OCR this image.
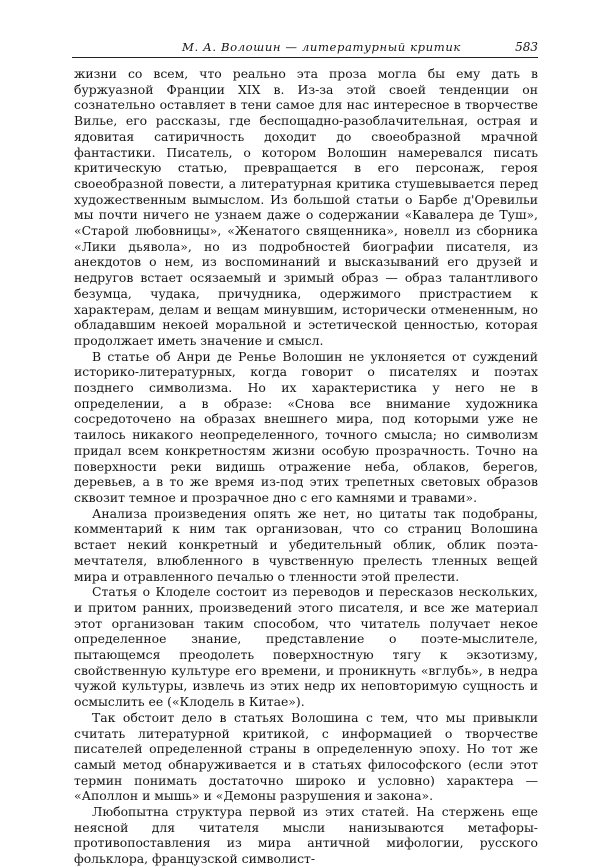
М. А. Волошин — литературный критик	583

жизни со всем, что реально эта проза могла бы ему дать в буржуазной Франции XIX в. Из-за этой своей тенденции он сознательно оставляет в тени самое для нас интересное в творчестве Вилье, его рассказы, где беспощадно-разоблачительная, острая и ядовитая сатиричность доходит до своеобразной мрачной фантастики. Писатель, о котором Волошин намеревался писать критическую статью, превращается в его персонаж, героя своеобразной повести, а литературная критика стушевывается перед художественным вымыслом. Из большой статьи о Барбе д'Оревильи мы почти ничего не узнаем даже о содержании «Кавалера де Туш», «Старой любовницы», «Женатого священника», новелл из сборника «Лики дьявола», но из подробностей биографии писателя, из анекдотов о нем, из воспоминаний и высказываний его друзей и недругов встает осязаемый и зримый образ — образ талантливого безумца, чудака, причудника, одержимого пристрастием к характерам, делам и вещам минувшим, исторически отмененным, но обладавшим некоей моральной и эстетической ценностью, которая продолжает иметь значение и смысл.

В статье об Анри де Ренье Волошин не уклоняется от суждений историко-литературных, когда говорит о писателях и поэтах позднего символизма. Но их характеристика у него не в определении, а в образе: «Снова все внимание художника сосредоточено на образах внешнего мира, под которыми уже не таилось никакого неопределенного, точного смысла; но символизм придал всем конкретностям жизни особую прозрачность. Точно на поверхности реки видишь отражение неба, облаков, берегов, деревьев, а в то же время из-под этих трепетных световых образов сквозит темное и прозрачное дно с его камнями и травами».

Анализа произведения опять же нет, но цитаты так подобраны, комментарий к ним так организован, что со страниц Волошина встает некий конкретный и убедительный облик, облик поэта-мечтателя, влюбленного в чувственную прелесть тленных вещей мира и отравленного печалью о тленности этой прелести.

Статья о Клоделе состоит из переводов и пересказов нескольких, и притом ранних, произведений этого писателя, и все же материал этот организован таким способом, что читатель получает некое определенное знание, представление о поэте-мыслителе, пытающемся преодолеть поверхностную тягу к экзотизму, свойственную культуре его времени, и проникнуть «вглубь», в недра чужой культуры, извлечь из этих недр их неповторимую сущность и осмыслить ее («Клодель в Китае»).

Так обстоит дело в статьях Волошина с тем, что мы привыкли считать литературной критикой, с информацией о творчестве писателей определенной страны в определенную эпоху. Но тот же самый метод обнаруживается и в статьях философского (если этот термин понимать достаточно широко и условно) характера — «Аполлон и мышь» и «Демоны разрушения и закона».

Любопытна структура первой из этих статей. На стержень еще неясной для читателя мысли нанизываются метафоры-противопоставления из мира античной мифологии, русского фольклора, французской символист-
